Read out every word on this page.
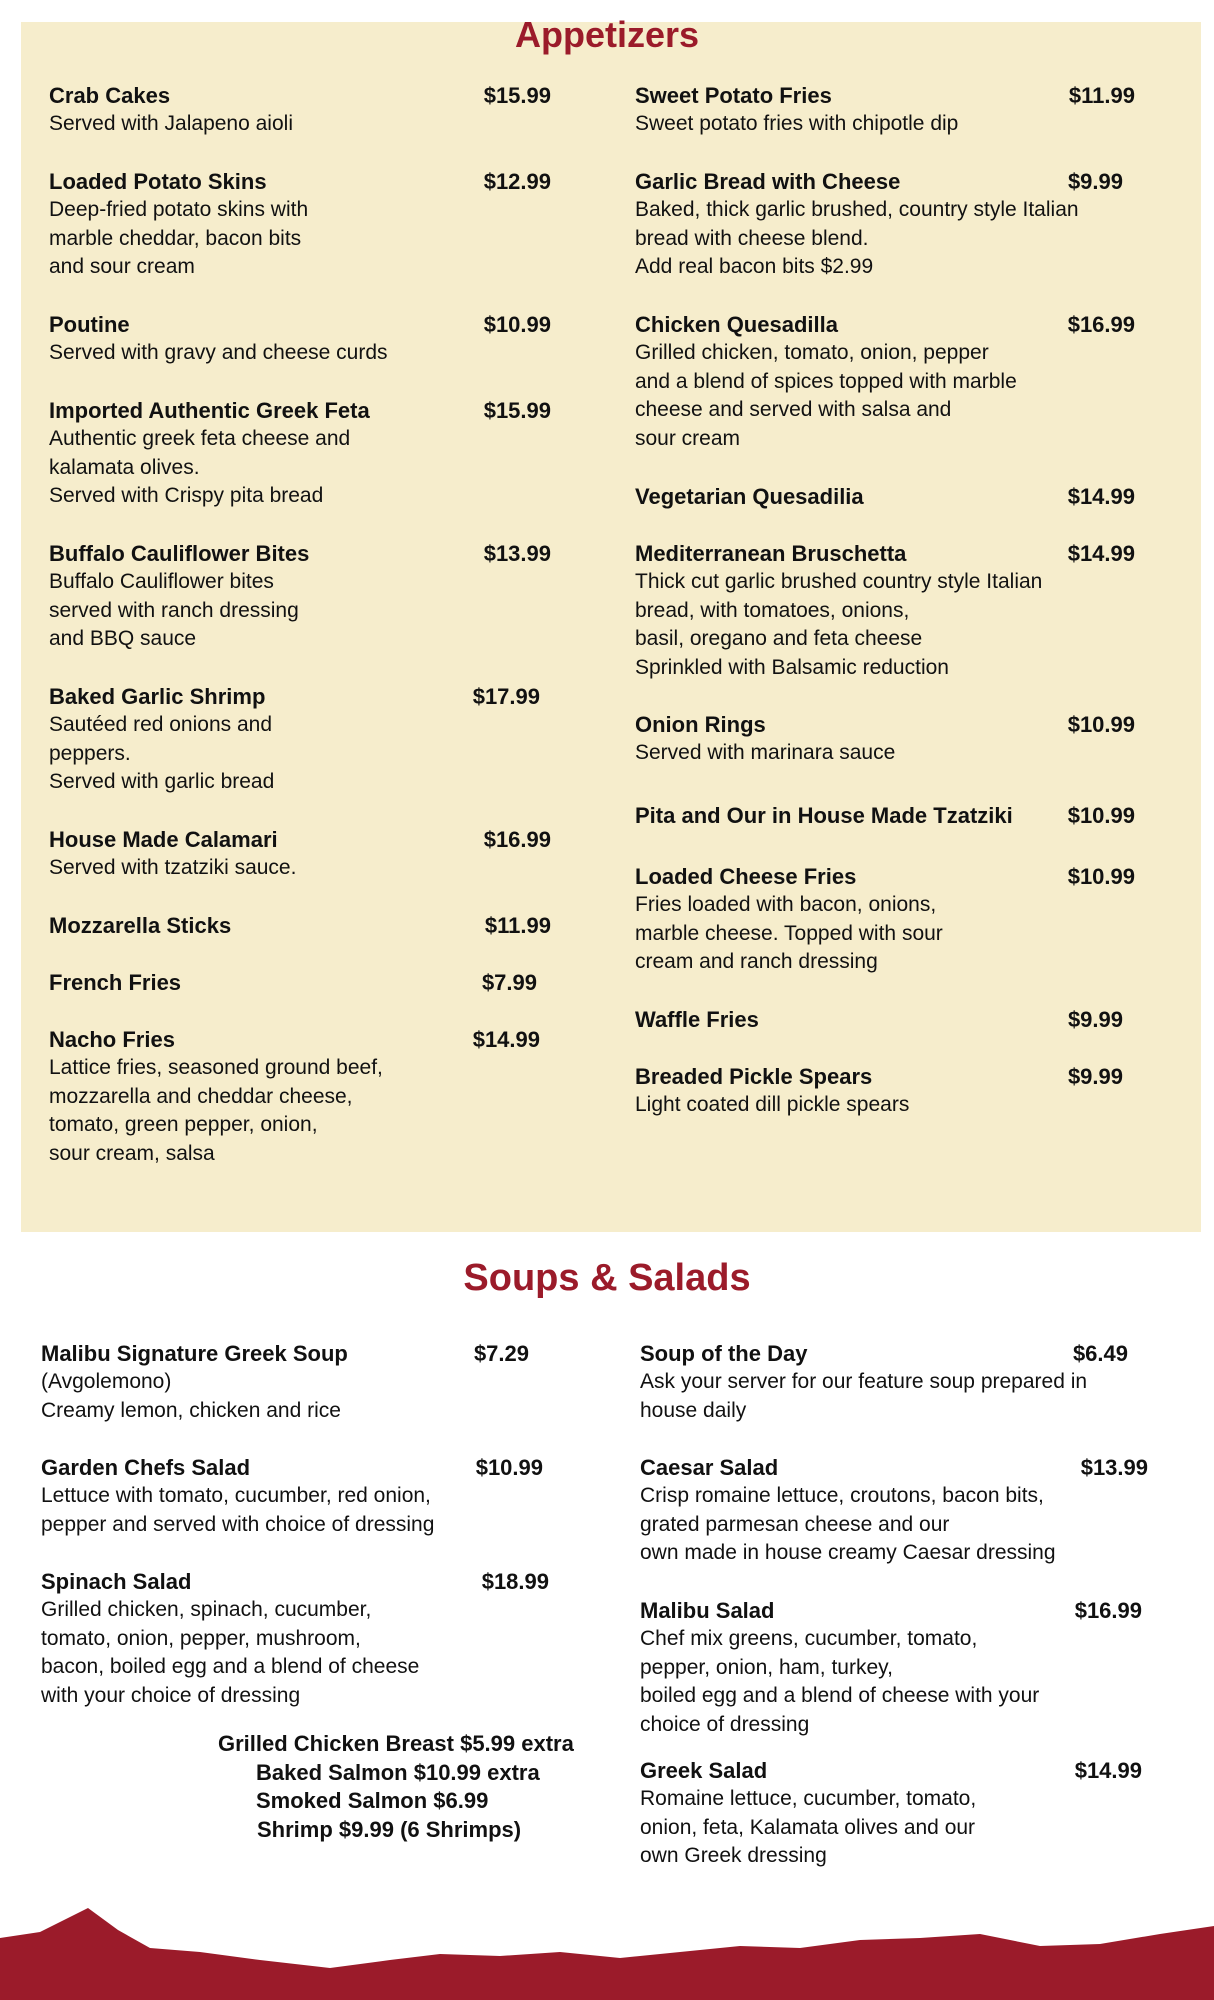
Appetizers
Crab Cakes	$15.99
Served with Jalapeno aioli
Loaded Potato Skins	$12.99
Deep-fried potato skins with
marble cheddar, bacon bits
and sour cream
Poutine	$10.99
Served with gravy and cheese curds
Imported Authentic Greek Feta	$15.99
Authentic greek feta cheese and
kalamata olives.
Served with Crispy pita bread
Buffalo Cauliflower Bites	$13.99
Buffalo Cauliflower bites
served with ranch dressing
and BBQ sauce
Baked Garlic Shrimp	$17.99
Sautéed red onions and
peppers.
Served with garlic bread
House Made Calamari	$16.99
Served with tzatziki sauce.
Mozzarella Sticks	$11.99
French Fries	$7.99
Nacho Fries	$14.99
Lattice fries, seasoned ground beef,
mozzarella and cheddar cheese,
tomato, green pepper, onion,
sour cream, salsa
Sweet Potato Fries	$11.99
Sweet potato fries with chipotle dip
Garlic Bread with Cheese	$9.99
Baked, thick garlic brushed, country style Italian
bread with cheese blend.
Add real bacon bits $2.99
Chicken Quesadilla	$16.99
Grilled chicken, tomato, onion, pepper
and a blend of spices topped with marble
cheese and served with salsa and
sour cream
Vegetarian Quesadilia	$14.99
Mediterranean Bruschetta	$14.99
Thick cut garlic brushed country style Italian
bread, with tomatoes, onions,
basil, oregano and feta cheese
Sprinkled with Balsamic reduction
Onion Rings	$10.99
Served with marinara sauce
Pita and Our in House Made Tzatziki $10.99
Loaded Cheese Fries	$10.99
Fries loaded with bacon, onions,
marble cheese. Topped with sour
cream and ranch dressing
Waffle Fries	$9.99
Breaded Pickle Spears	$9.99
Light coated dill pickle spears
Soups & Salads
Malibu Signature Greek Soup	$7.29
(Avgolemono)
Creamy lemon, chicken and rice
Garden Chefs Salad	$10.99
Lettuce with tomato, cucumber, red onion,
pepper and served with choice of dressing
Spinach Salad	$18.99
Grilled chicken, spinach, cucumber,
tomato, onion, pepper, mushroom,
bacon, boiled egg and a blend of cheese
with your choice of dressing
Grilled Chicken Breast $5.99 extra
Baked Salmon $10.99 extra
Smoked Salmon $6.99
Shrimp $9.99 (6 Shrimps)
Soup of the Day	$6.49
Ask your server for our feature soup prepared in
house daily
Caesar Salad	$13.99
Crisp romaine lettuce, croutons, bacon bits,
grated parmesan cheese and our
own made in house creamy Caesar dressing
Malibu Salad	$16.99
Chef mix greens, cucumber, tomato,
pepper, onion, ham, turkey,
boiled egg and a blend of cheese with your
choice of dressing
Greek Salad	$14.99
Romaine lettuce, cucumber, tomato,
onion, feta, Kalamata olives and our
own Greek dressing
